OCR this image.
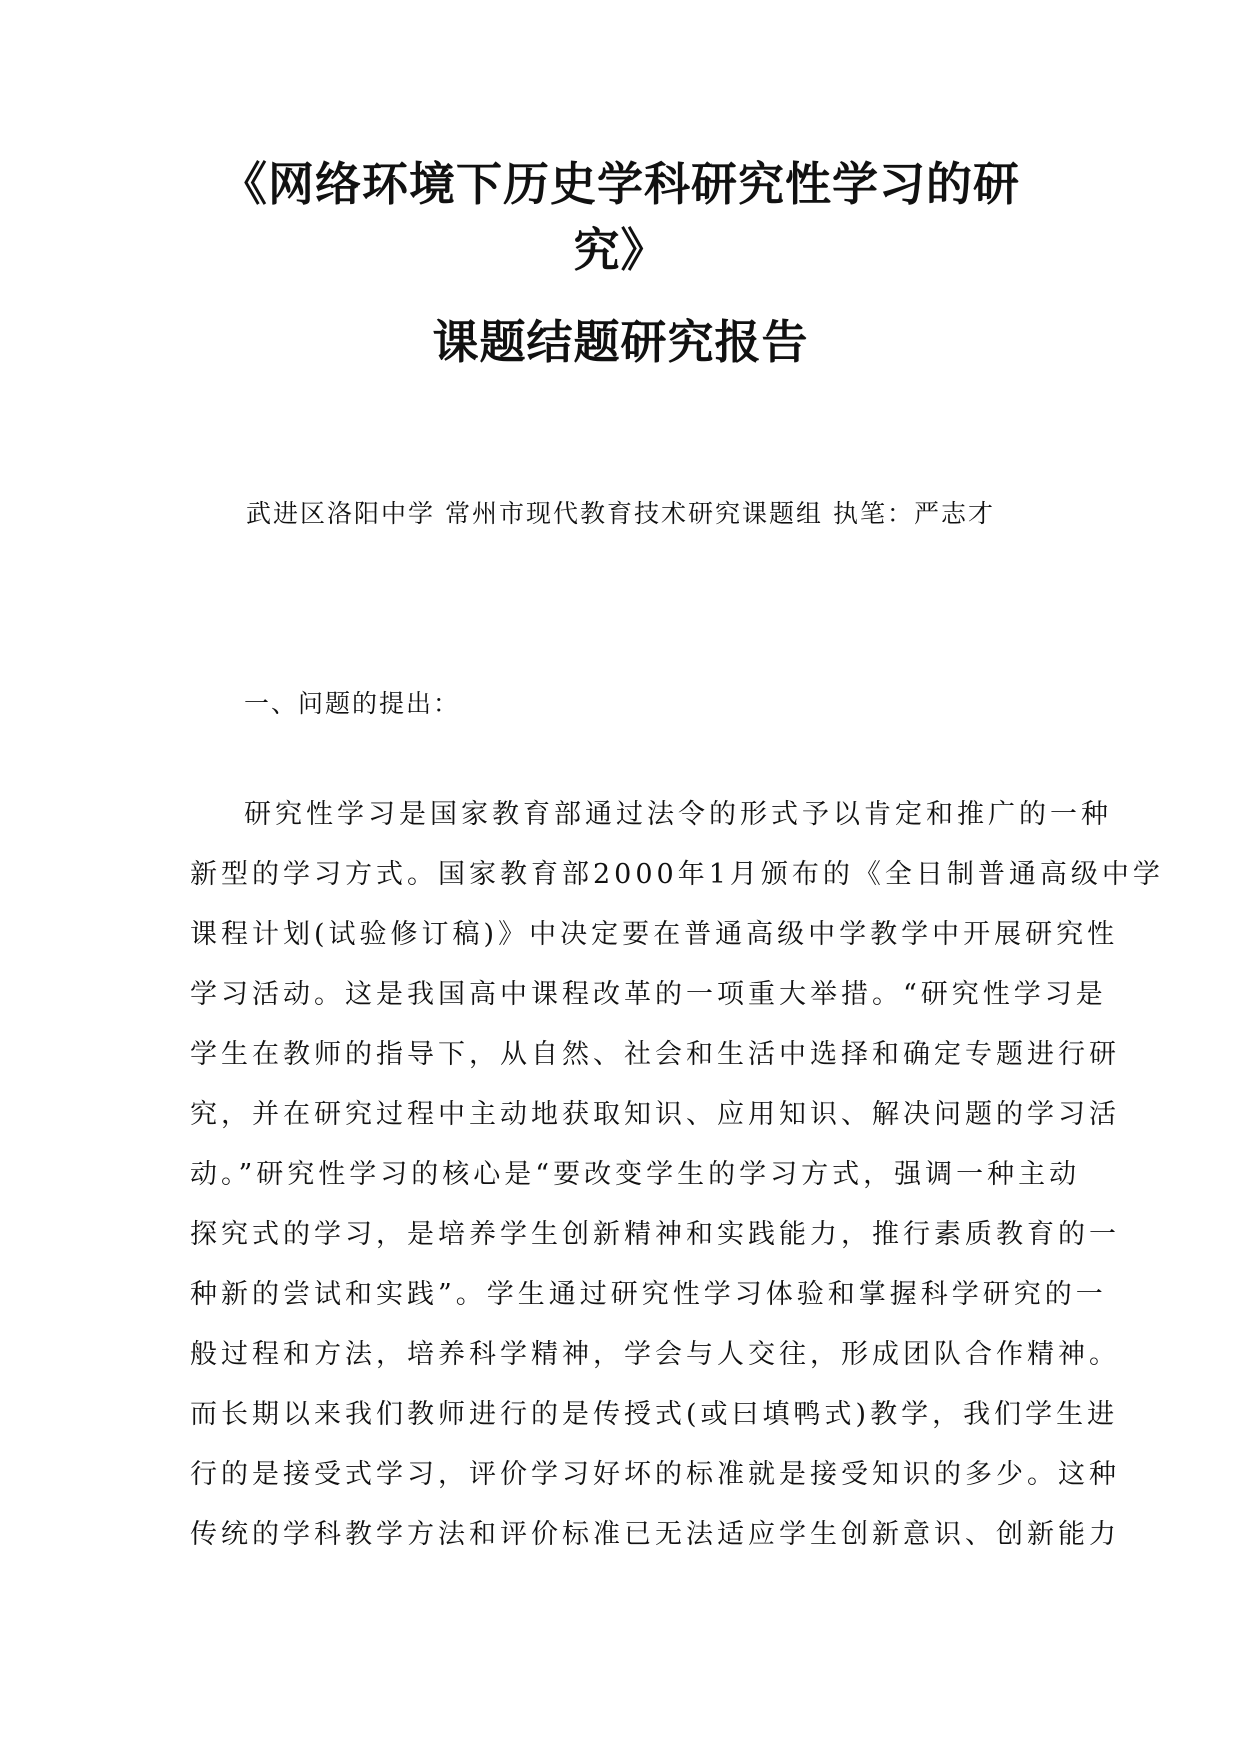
《网络环境下历史学科研究性学习的研
究》
课题结题研究报告

武进区洛阳中学 常州市现代教育技术研究课题组 执笔：严志才

一、问题的提出：

研究性学习是国家教育部通过法令的形式予以肯定和推广的一种

新型的学习方式。国家教育部2000年1月颁布的《全日制普通高级中学

课程计划(试验修订稿)》中决定要在普通高级中学教学中开展研究性

学习活动。这是我国高中课程改革的一项重大举措。“研究性学习是

学生在教师的指导下，从自然、社会和生活中选择和确定专题进行研

究，并在研究过程中主动地获取知识、应用知识、解决问题的学习活

动。”研究性学习的核心是“要改变学生的学习方式，强调一种主动

探究式的学习，是培养学生创新精神和实践能力，推行素质教育的一

种新的尝试和实践”。学生通过研究性学习体验和掌握科学研究的一

般过程和方法，培养科学精神，学会与人交往，形成团队合作精神。

而长期以来我们教师进行的是传授式(或曰填鸭式)教学，我们学生进

行的是接受式学习，评价学习好坏的标准就是接受知识的多少。这种

传统的学科教学方法和评价标准已无法适应学生创新意识、创新能力
